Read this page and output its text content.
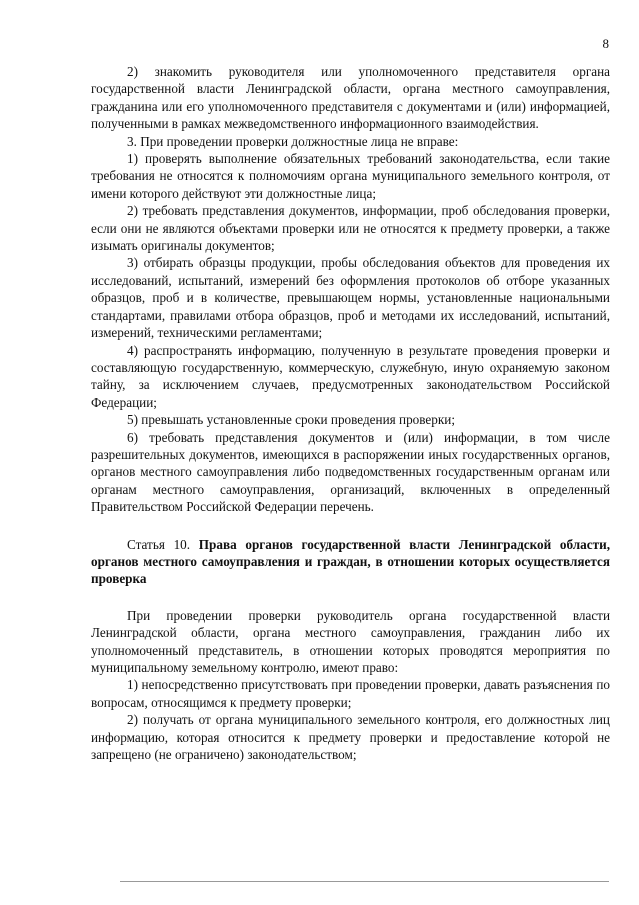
8

2) знакомить руководителя или уполномоченного представителя органа государственной власти Ленинградской области, органа местного самоуправления, гражданина или его уполномоченного представителя с документами и (или) информацией, полученными в рамках межведомственного информационного взаимодействия.

3. При проведении проверки должностные лица не вправе:

1) проверять выполнение обязательных требований законодательства, если такие требования не относятся к полномочиям органа муниципального земельного контроля, от имени которого действуют эти должностные лица;

2) требовать представления документов, информации, проб обследования проверки, если они не являются объектами проверки или не относятся к предмету проверки, а также изымать оригиналы документов;

3) отбирать образцы продукции, пробы обследования объектов для проведения их исследований, испытаний, измерений без оформления протоколов об отборе указанных образцов, проб и в количестве, превышающем нормы, установленные национальными стандартами, правилами отбора образцов, проб и методами их исследований, испытаний, измерений, техническими регламентами;

4) распространять информацию, полученную в результате проведения проверки и составляющую государственную, коммерческую, служебную, иную охраняемую законом тайну, за исключением случаев, предусмотренных законодательством Российской Федерации;

5) превышать установленные сроки проведения проверки;

6) требовать представления документов и (или) информации, в том числе разрешительных документов, имеющихся в распоряжении иных государственных органов, органов местного самоуправления либо подведомственных государственным органам или органам местного самоуправления, организаций, включенных в определенный Правительством Российской Федерации перечень.

Статья 10. Права органов государственной власти Ленинградской области, органов местного самоуправления и граждан, в отношении которых осуществляется проверка

При проведении проверки руководитель органа государственной власти Ленинградской области, органа местного самоуправления, гражданин либо их уполномоченный представитель, в отношении которых проводятся мероприятия по муниципальному земельному контролю, имеют право:

1) непосредственно присутствовать при проведении проверки, давать разъяснения по вопросам, относящимся к предмету проверки;

2) получать от органа муниципального земельного контроля, его должностных лиц информацию, которая относится к предмету проверки и предоставление которой не запрещено (не ограничено) законодательством;
